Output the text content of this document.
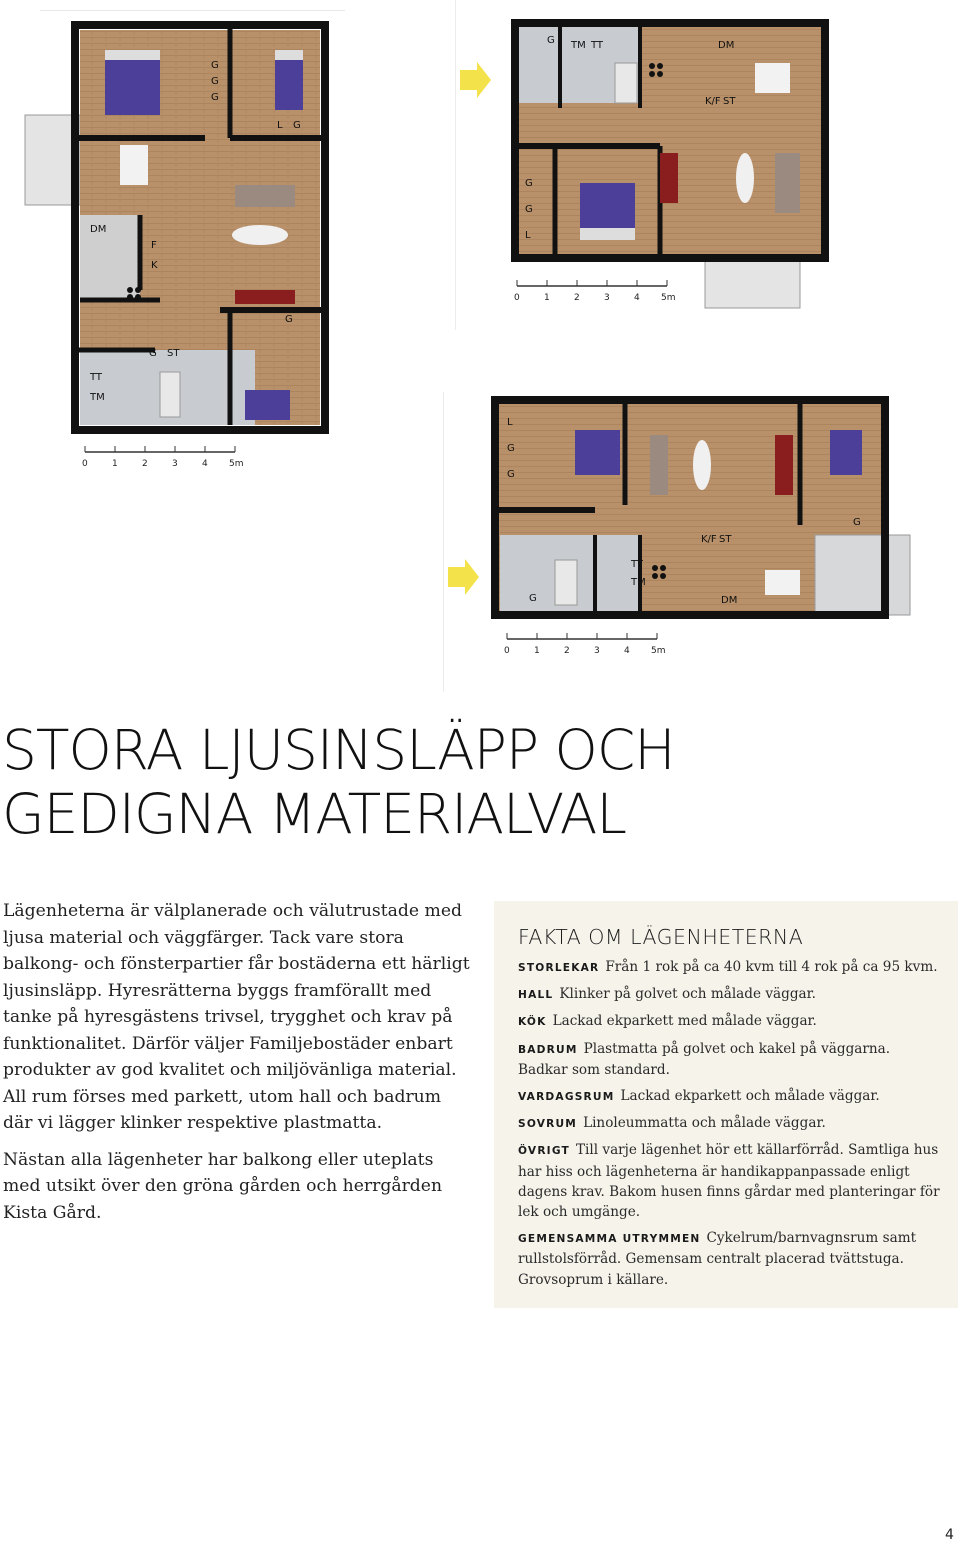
G
G
G
L G
DM
F
K
G ST
TT
TM
G
0	1	2	3	4 5m
G TM TT	DM
K/F ST
G
G
L
0	1	2	3	4 5m
L
G
G
K/F ST
G
TT
TM
G	DM
0	1	2	3	4 5m
STORA LJUSINSLÄPP OCH
GEDIGNA MATERIALVAL

Lägenheterna är välplanerade och välutrustade med ljusa material och väggfärger. Tack vare stora balkong- och fönsterpartier får bostäderna ett härligt ljusinsläpp. Hyresrätterna byggs framförallt med tanke på hyresgästens trivsel, trygghet och krav på funktionalitet. Därför väljer Familjebostäder enbart produkter av god kvalitet och miljövänliga material. All rum förses med parkett, utom hall och badrum där vi lägger klinker respektive plastmatta.

Nästan alla lägenheter har balkong eller uteplats med utsikt över den gröna gården och herrgården Kista Gård.

FAKTA OM LÄGENHETERNA

STORLEKAR Från 1 rok på ca 40 kvm till 4 rok på ca 95 kvm.

HALL Klinker på golvet och målade väggar.

KÖK Lackad ekparkett med målade väggar.

BADRUM Plastmatta på golvet och kakel på väggarna. Badkar som standard.

VARDAGSRUM Lackad ekparkett och målade väggar.

SOVRUM Linoleummatta och målade väggar.

ÖVRIGT Till varje lägenhet hör ett källarförråd. Samtliga hus har hiss och lägenheterna är handikappanpassade enligt dagens krav. Bakom husen finns gårdar med planteringar för lek och umgänge.

GEMENSAMMA UTRYMMEN Cykelrum/barnvagnsrum samt rullstolsförråd. Gemensam centralt placerad tvättstuga. Grovsoprum i källare.

4
